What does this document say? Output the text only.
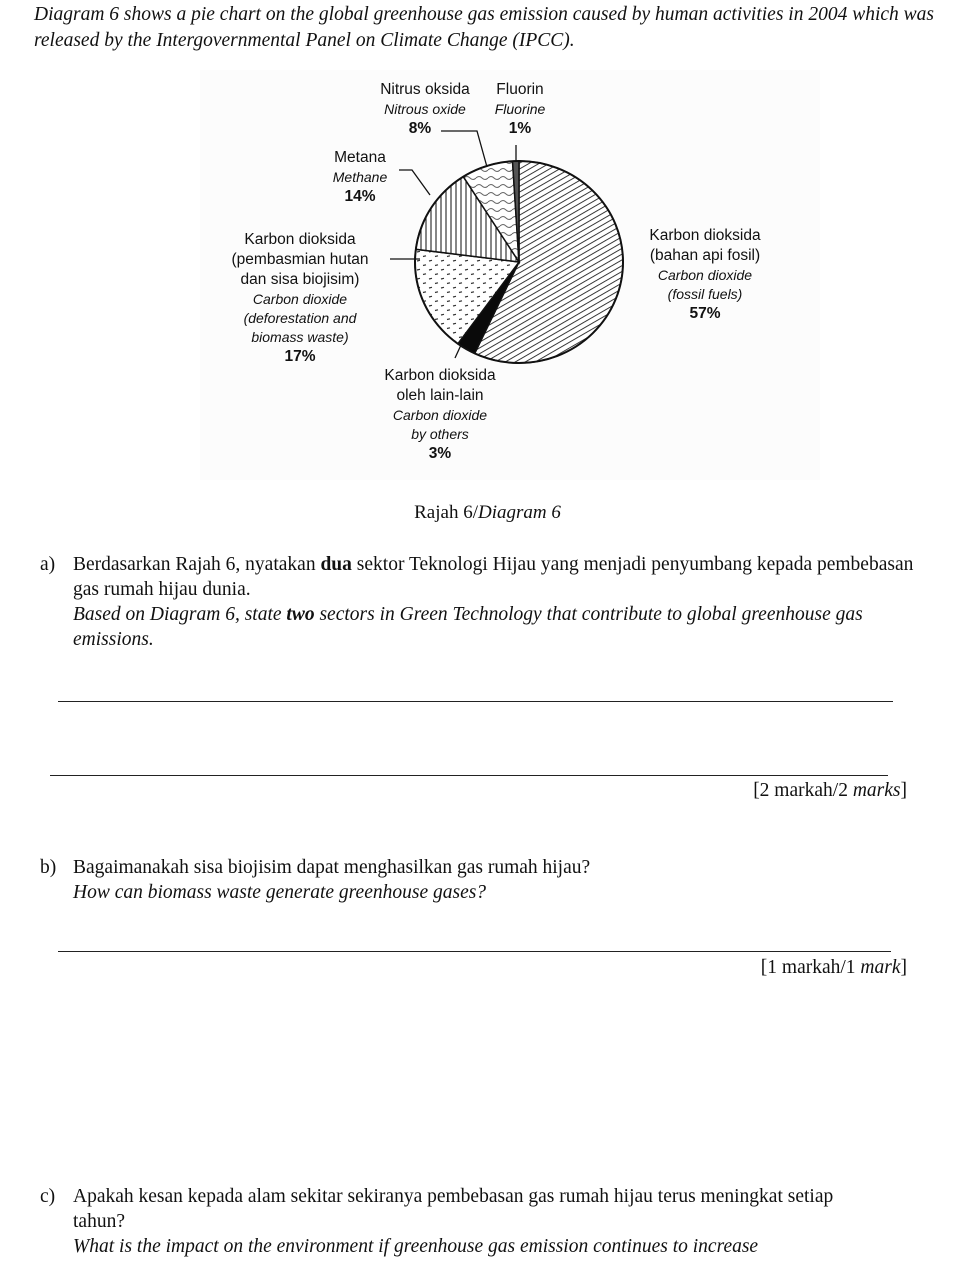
Diagram 6 shows a pie chart on the global greenhouse gas emission caused by human activities in 2004 which was released by the Intergovernmental Panel on Climate Change (IPCC).
Nitrus oksida
Nitrous oxide
8%
Fluorin
Fluorine
1%
Metana
Methane
14%
Karbon dioksida
(pembasmian hutan
dan sisa biojisim)
Carbon dioxide
(deforestation and
biomass waste)
17%
Karbon dioksida
(bahan api fosil)
Carbon dioxide
(fossil fuels)
57%
Karbon dioksida
oleh lain-lain
Carbon dioxide
by others
3%
Rajah 6/Diagram 6
a) Berdasarkan Rajah 6, nyatakan dua sektor Teknologi Hijau yang menjadi penyumbang kepada pembebasan gas rumah hijau dunia.
Based on Diagram 6, state two sectors in Green Technology that contribute to global greenhouse gas emissions.
[2 markah/2 marks]
b) Bagaimanakah sisa biojisim dapat menghasilkan gas rumah hijau?
How can biomass waste generate greenhouse gases?
[1 markah/1 mark]
c) Apakah kesan kepada alam sekitar sekiranya pembebasan gas rumah hijau terus meningkat setiap tahun?
What is the impact on the environment if greenhouse gas emission continues to increase
